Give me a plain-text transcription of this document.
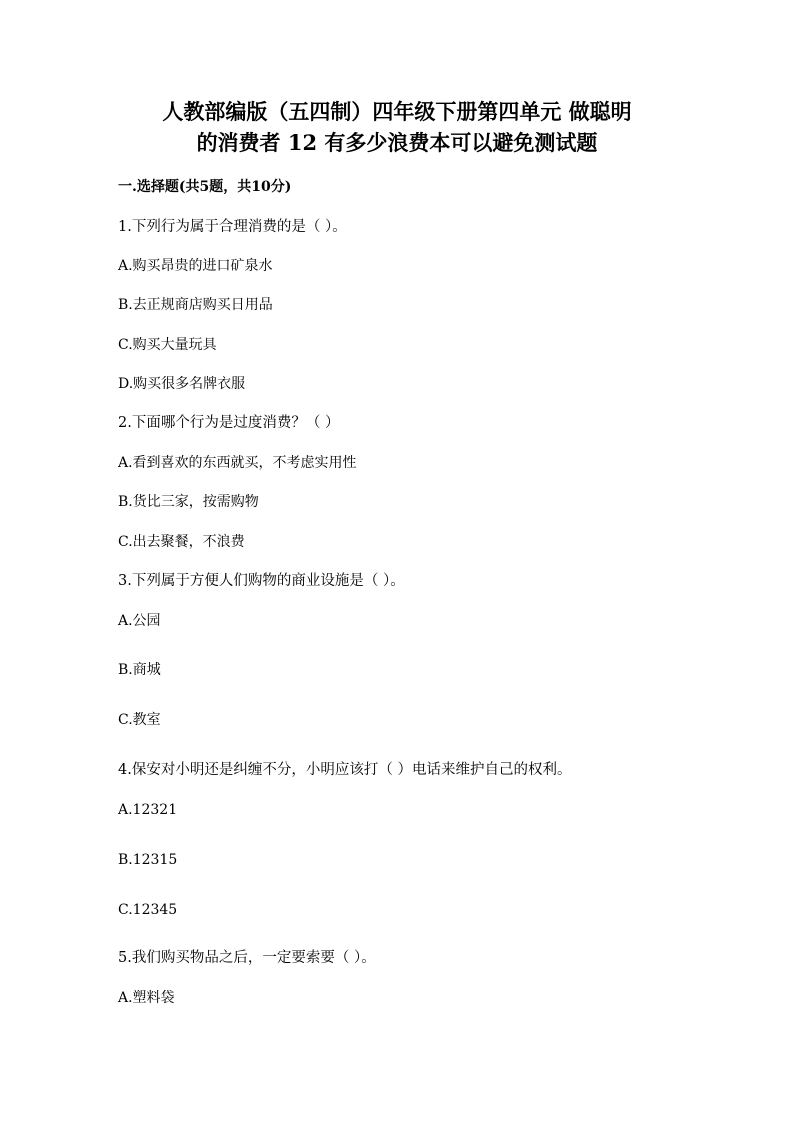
人教部编版（五四制）四年级下册第四单元 做聪明
的消费者 12 有多少浪费本可以避免测试题
一.选择题(共5题，共10分)
1.下列行为属于合理消费的是（ ）。
A.购买昂贵的进口矿泉水
B.去正规商店购买日用品
C.购买大量玩具
D.购买很多名牌衣服
2.下面哪个行为是过度消费？（ ）
A.看到喜欢的东西就买，不考虑实用性
B.货比三家，按需购物
C.出去聚餐，不浪费
3.下列属于方便人们购物的商业设施是（ ）。
A.公园
B.商城
C.教室
4.保安对小明还是纠缠不分，小明应该打（ ）电话来维护自己的权利。
A.12321
B.12315
C.12345
5.我们购买物品之后，一定要索要（ ）。
A.塑料袋
